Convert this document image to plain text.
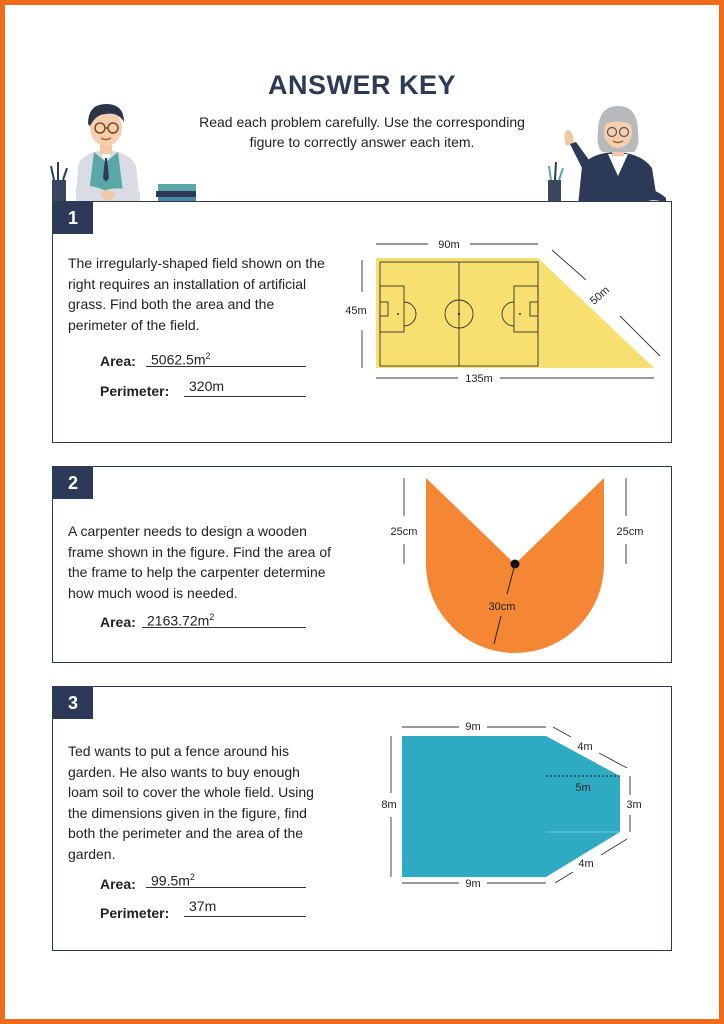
ANSWER KEY

Read each problem carefully. Use the corresponding figure to correctly answer each item.

1

The irregularly-shaped field shown on the right requires an installation of artificial grass. Find both the area and the perimeter of the field.

Area:	$5062.5m^2$
Perimeter:	320m
90m
45m
50m
135m
2

A carpenter needs to design a wooden frame shown in the figure. Find the area of the frame to help the carpenter determine how much wood is needed.

Area: $2163.72m^2$
30cm
25cm	25cm
3

Ted wants to put a fence around his garden. He also wants to buy enough loam soil to cover the whole field. Using the dimensions given in the figure, find both the perimeter and the area of the garden.

Area:	$99.5m^2$
Perimeter:	37m
5m
9m
9m
8m	3m
4m
4m
